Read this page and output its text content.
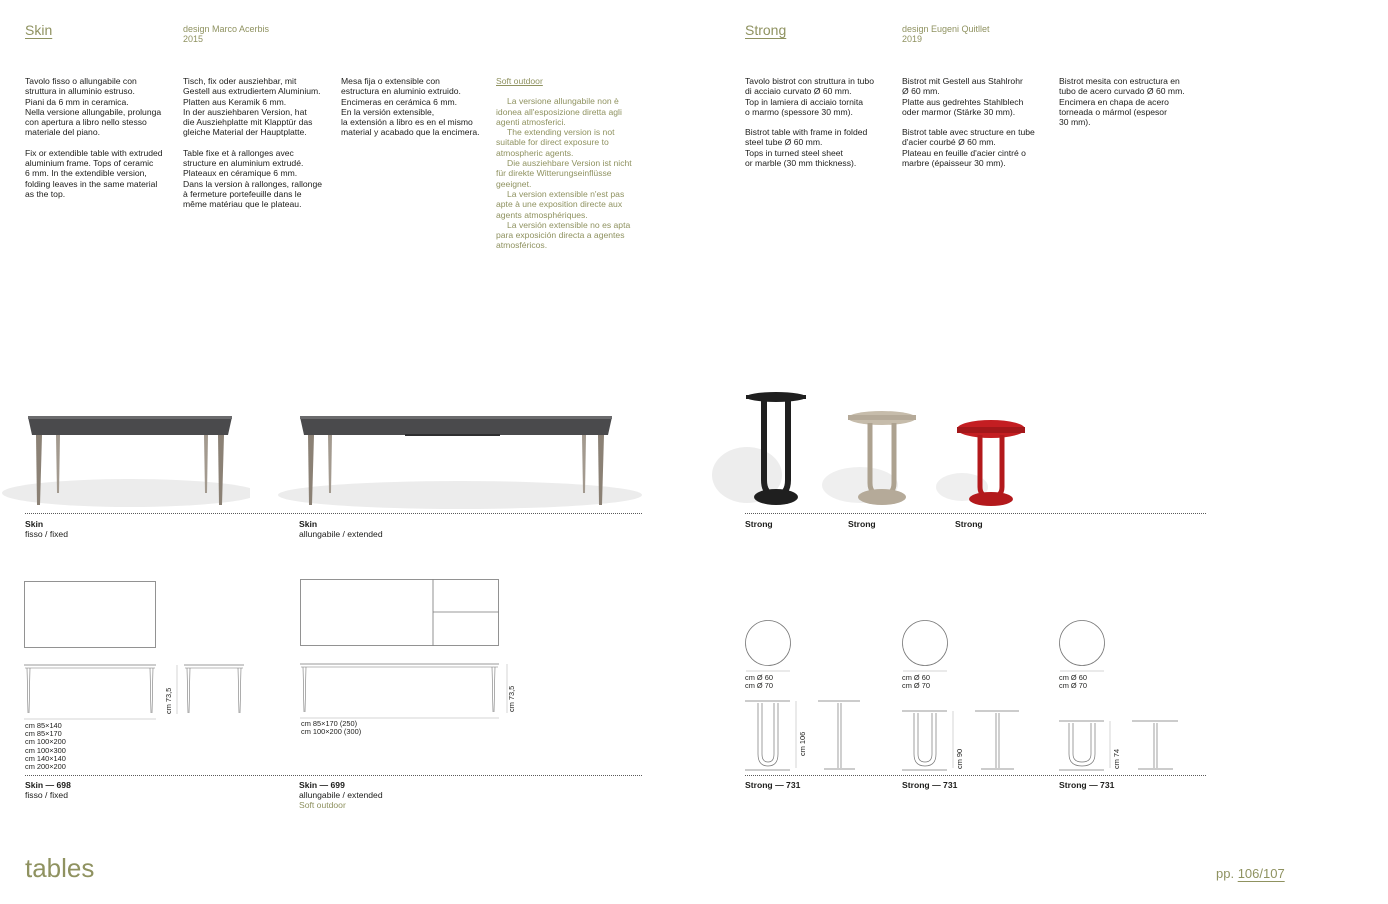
Skin	design Marco Acerbis
2015

Tavolo fisso o allungabile con
struttura in alluminio estruso.
Piani da 6 mm in ceramica.
Nella versione allungabile, prolunga
con apertura a libro nello stesso
materiale del piano.

Fix or extendible table with extruded
aluminium frame. Tops of ceramic
6 mm. In the extendible version,
folding leaves in the same material
as the top.

Tisch, fix oder ausziehbar, mit
Gestell aus extrudiertem Aluminium.
Platten aus Keramik 6 mm.
In der ausziehbaren Version, hat
die Ausziehplatte mit Klapptür das
gleiche Material der Hauptplatte.

Table fixe et à rallonges avec
structure en aluminium extrudé.
Plateaux en céramique 6 mm.
Dans la version à rallonges, rallonge
à fermeture portefeuille dans le
même matériau que le plateau.

Mesa fija o extensible con
estructura en aluminio extruido.
Encimeras en cerámica 6 mm.
En la versión extensible,
la extensión a libro es en el mismo
material y acabado que la encimera.

Soft outdoor

La versione allungabile non è idonea all'esposizione diretta agli agenti atmosferici.

The extending version is not suitable for direct exposure to atmospheric agents.

Die ausziehbare Version ist nicht für direkte Witterungseinflüsse geeignet.

La version extensible n'est pas apte à une exposition directe aux agents atmosphériques.

La versión extensible no es apta para exposición directa a agentes atmosféricos.

Skin
fisso / fixed
Skin
allungabile / extended
cm 73,5
cm 85×140
cm 85×170
cm 100×200
cm 100×300
cm 140×140
cm 200×200
cm 73,5
cm 85×170 (250)
cm 100×200 (300)
Skin — 698
fisso / fixed
Skin — 699
allungabile / extended
Soft outdoor
Strong	design Eugeni Quitllet
2019

Tavolo bistrot con struttura in tubo
di acciaio curvato Ø 60 mm.
Top in lamiera di acciaio tornita
o marmo (spessore 30 mm).

Bistrot table with frame in folded
steel tube Ø 60 mm.
Tops in turned steel sheet
or marble (30 mm thickness).

Bistrot mit Gestell aus Stahlrohr
Ø 60 mm.
Platte aus gedrehtes Stahlblech
oder marmor (Stärke 30 mm).

Bistrot table avec structure en tube
d'acier courbé Ø 60 mm.
Plateau en feuille d'acier cintré o
marbre (épaisseur 30 mm).

Bistrot mesita con estructura en
tubo de acero curvado Ø 60 mm.
Encimera en chapa de acero
torneada o mármol (espesor
30 mm).

Strong	Strong	Strong
cm Ø 60
cm Ø 70
cm 106
cm Ø 60
cm Ø 70
cm 90
cm Ø 60
cm Ø 70
cm 74
Strong — 731	Strong — 731	Strong — 731
tables	pp. 106/107
